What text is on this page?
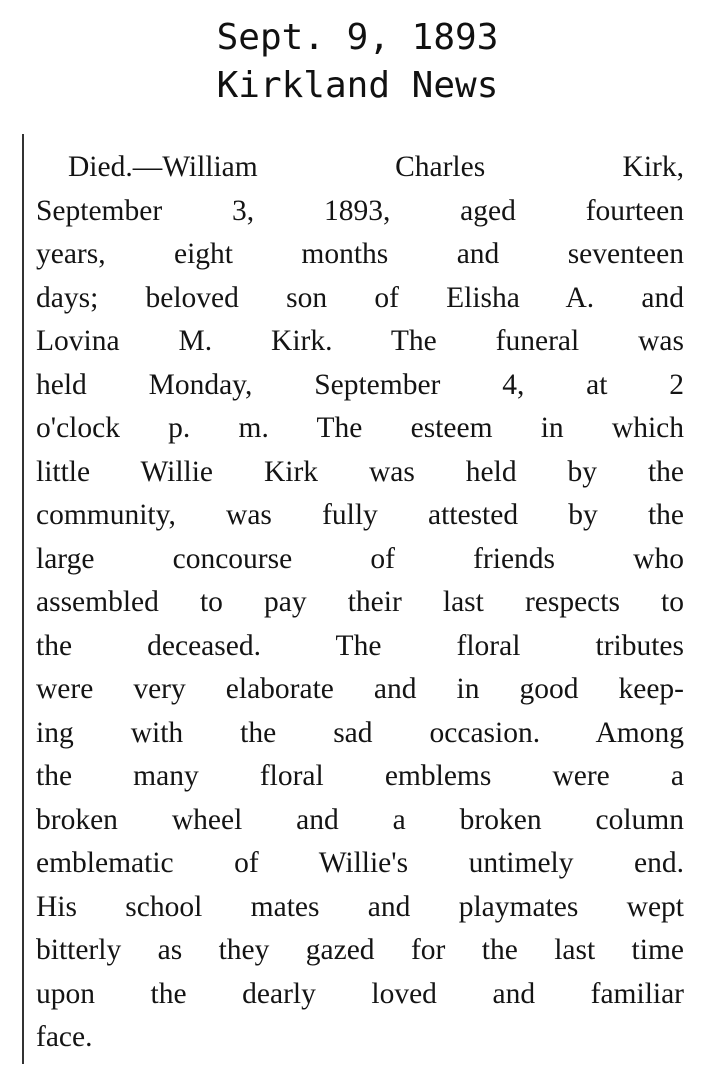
Sept. 9, 1893
Kirkland News
Died.—William Charles Kirk,
September 3, 1893, aged fourteen
years, eight months and seventeen
days; beloved son of Elisha A. and
Lovina M. Kirk. The funeral was
held Monday, September 4, at 2
o'clock p. m. The esteem in which
little Willie Kirk was held by the
community, was fully attested by the
large concourse of friends who
assembled to pay their last respects to
the deceased. The floral tributes
were very elaborate and in good keep-
ing with the sad occasion. Among
the many floral emblems were a
broken wheel and a broken column
emblematic of Willie's untimely end.
His school mates and playmates wept
bitterly as they gazed for the last time
upon the dearly loved and familiar
face.
